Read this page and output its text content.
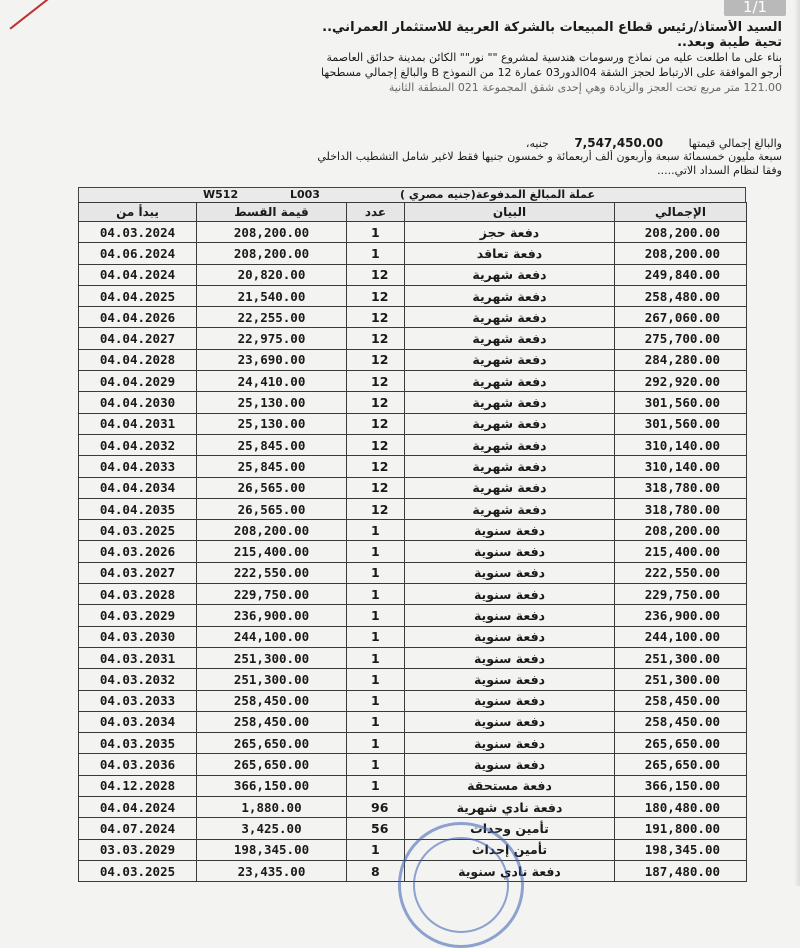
1/1
السيد الأستاذ/رئيس قطاع المبيعات بالشركة العربية للاستثمار العمراني..
تحية طيبة وبعد..
بناء على ما اطلعت عليه من نماذج ورسومات هندسية لمشروع "" نور"" الكائن بمدينة حدائق العاصمة
أرجو الموافقة على الارتباط لحجز الشقة 04الدور03 عمارة 12 من النموذج B والبالغ إجمالي مسطحها
121.00 متر مربع تحت العجز والزيادة وهي إحدى شقق المجموعة 021 المنطقة الثانية
والبالغ إجمالي قيمتها 7,547,450.00 جنيه،
سبعة مليون خمسمائة سبعة وأربعون ألف أربعمائة و خمسون جنيها فقط لاغير شامل التشطيب الداخلي
وفقا لنظام السداد الاتي.....
W512	L003	عملة المبالغ المدفوعة(جنيه مصري )
يبدأ من	قيمة القسط	عدد	البيان	الإجمالي
04.03.2024	208,200.00	1	دفعة حجز	208,200.00
04.06.2024	208,200.00	1	دفعة تعاقد	208,200.00
04.04.2024	20,820.00	12	دفعة شهرية	249,840.00
04.04.2025	21,540.00	12	دفعة شهرية	258,480.00
04.04.2026	22,255.00	12	دفعة شهرية	267,060.00
04.04.2027	22,975.00	12	دفعة شهرية	275,700.00
04.04.2028	23,690.00	12	دفعة شهرية	284,280.00
04.04.2029	24,410.00	12	دفعة شهرية	292,920.00
04.04.2030	25,130.00	12	دفعة شهرية	301,560.00
04.04.2031	25,130.00	12	دفعة شهرية	301,560.00
04.04.2032	25,845.00	12	دفعة شهرية	310,140.00
04.04.2033	25,845.00	12	دفعة شهرية	310,140.00
04.04.2034	26,565.00	12	دفعة شهرية	318,780.00
04.04.2035	26,565.00	12	دفعة شهرية	318,780.00
04.03.2025	208,200.00	1	دفعة سنوية	208,200.00
04.03.2026	215,400.00	1	دفعة سنوية	215,400.00
04.03.2027	222,550.00	1	دفعة سنوية	222,550.00
04.03.2028	229,750.00	1	دفعة سنوية	229,750.00
04.03.2029	236,900.00	1	دفعة سنوية	236,900.00
04.03.2030	244,100.00	1	دفعة سنوية	244,100.00
04.03.2031	251,300.00	1	دفعة سنوية	251,300.00
04.03.2032	251,300.00	1	دفعة سنوية	251,300.00
04.03.2033	258,450.00	1	دفعة سنوية	258,450.00
04.03.2034	258,450.00	1	دفعة سنوية	258,450.00
04.03.2035	265,650.00	1	دفعة سنوية	265,650.00
04.03.2036	265,650.00	1	دفعة سنوية	265,650.00
04.12.2028	366,150.00	1	دفعة مستحقة	366,150.00
04.04.2024	1,880.00	96	دفعة نادي شهرية	180,480.00
04.07.2024	3,425.00	56	تأمين وحدات	191,800.00
03.03.2029	198,345.00	1	تأمين إحداث	198,345.00
04.03.2025	23,435.00	8	دفعة نادي سنوية	187,480.00
